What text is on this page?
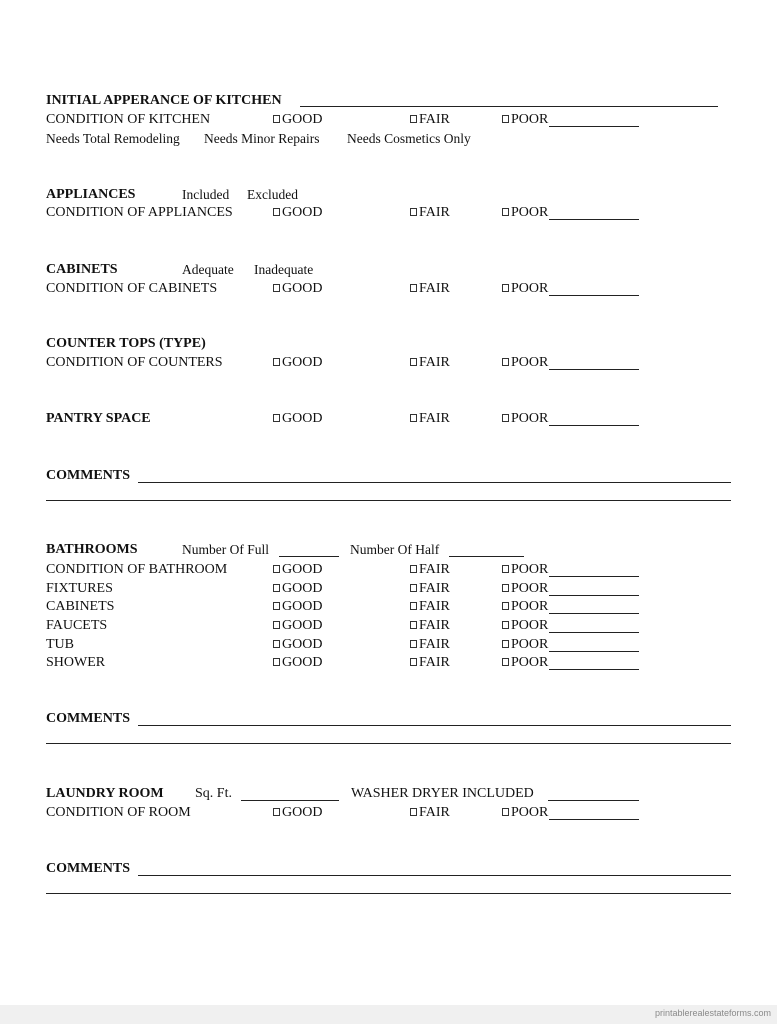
INITIAL APPERANCE OF KITCHEN
CONDITION OF KITCHEN	GOOD	FAIR	POOR
Needs Total Remodeling Needs Minor Repairs Needs Cosmetics Only
APPLIANCES	Included Excluded
CONDITION OF APPLIANCES	GOOD	FAIR	POOR
CABINETS	Adequate Inadequate
CONDITION OF CABINETS	GOOD	FAIR	POOR
COUNTER TOPS (TYPE)
CONDITION OF COUNTERS	GOOD	FAIR	POOR
PANTRY SPACE	GOOD	FAIR	POOR
COMMENTS
BATHROOMS	Number Of Full	Number Of Half
CONDITION OF BATHROOM	GOOD	FAIR	POOR
FIXTURES	GOOD	FAIR	POOR
CABINETS	GOOD	FAIR	POOR
FAUCETS	GOOD	FAIR	POOR
TUB	GOOD	FAIR	POOR
SHOWER	GOOD	FAIR	POOR
COMMENTS
LAUNDRY ROOM Sq. Ft.	WASHER DRYER INCLUDED
CONDITION OF ROOM	GOOD	FAIR	POOR
COMMENTS
printablerealestateforms.com
